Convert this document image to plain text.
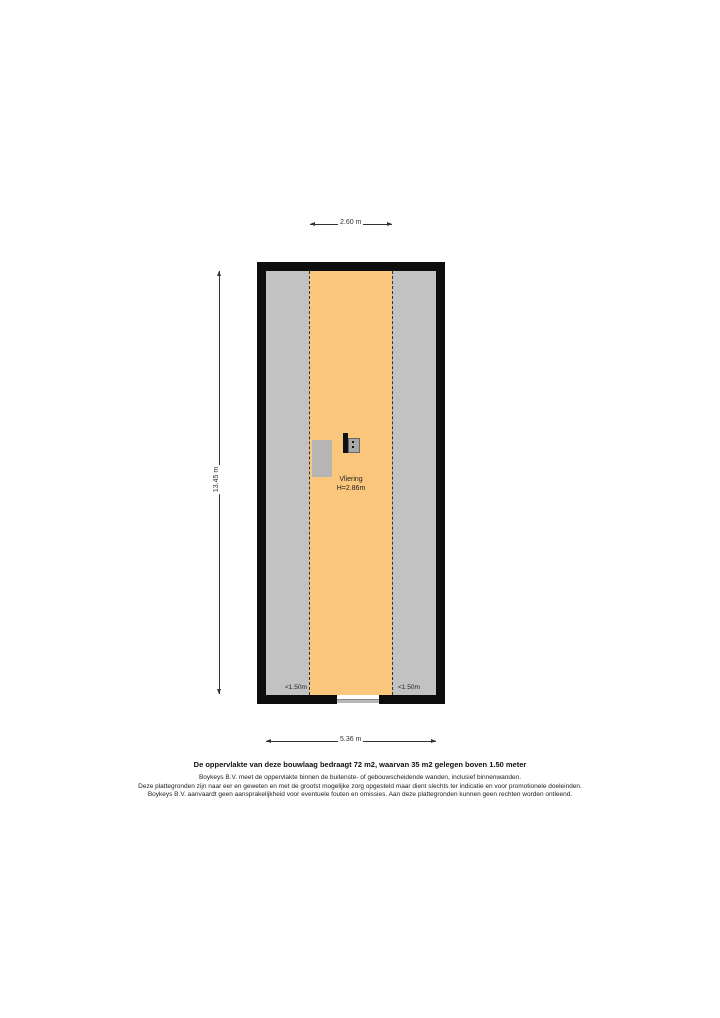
2.60 m
13.45 m	Vliering
H=2.86m
<1.50m	<1.50m
5.36 m
De oppervlakte van deze bouwlaag bedraagt 72 m2, waarvan 35 m2 gelegen boven 1.50 meter
Boykeys B.V. meet de oppervlakte binnen de buitenste- of gebouwscheidende wanden, inclusief binnenwanden.
Deze plattegronden zijn naar eer en geweten en met de grootst mogelijke zorg opgesteld maar dient slechts ter indicatie en voor promotionele doeleinden.
Boykeys B.V. aanvaardt geen aansprakelijkheid voor eventuele fouten en omissies. Aan deze plattegronden kunnen geen rechten worden ontleend.
